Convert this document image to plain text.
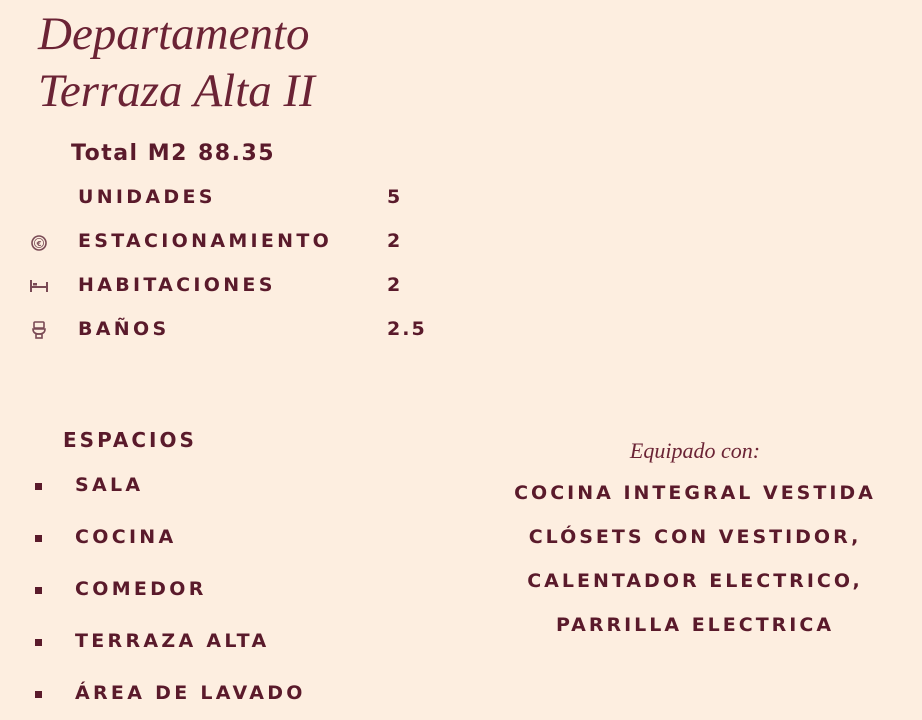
Departamento
Terraza Alta II
Total M2 88.35
UNIDADES	5
€ ESTACIONAMIENTO	2
HABITACIONES	2
BAÑOS	2.5
ESPACIOS
SALA
COCINA
COMEDOR
TERRAZA ALTA
ÁREA DE LAVADO
Equipado con:
COCINA INTEGRAL VESTIDA
CLÓSETS CON VESTIDOR,
CALENTADOR ELECTRICO,
PARRILLA ELECTRICA
